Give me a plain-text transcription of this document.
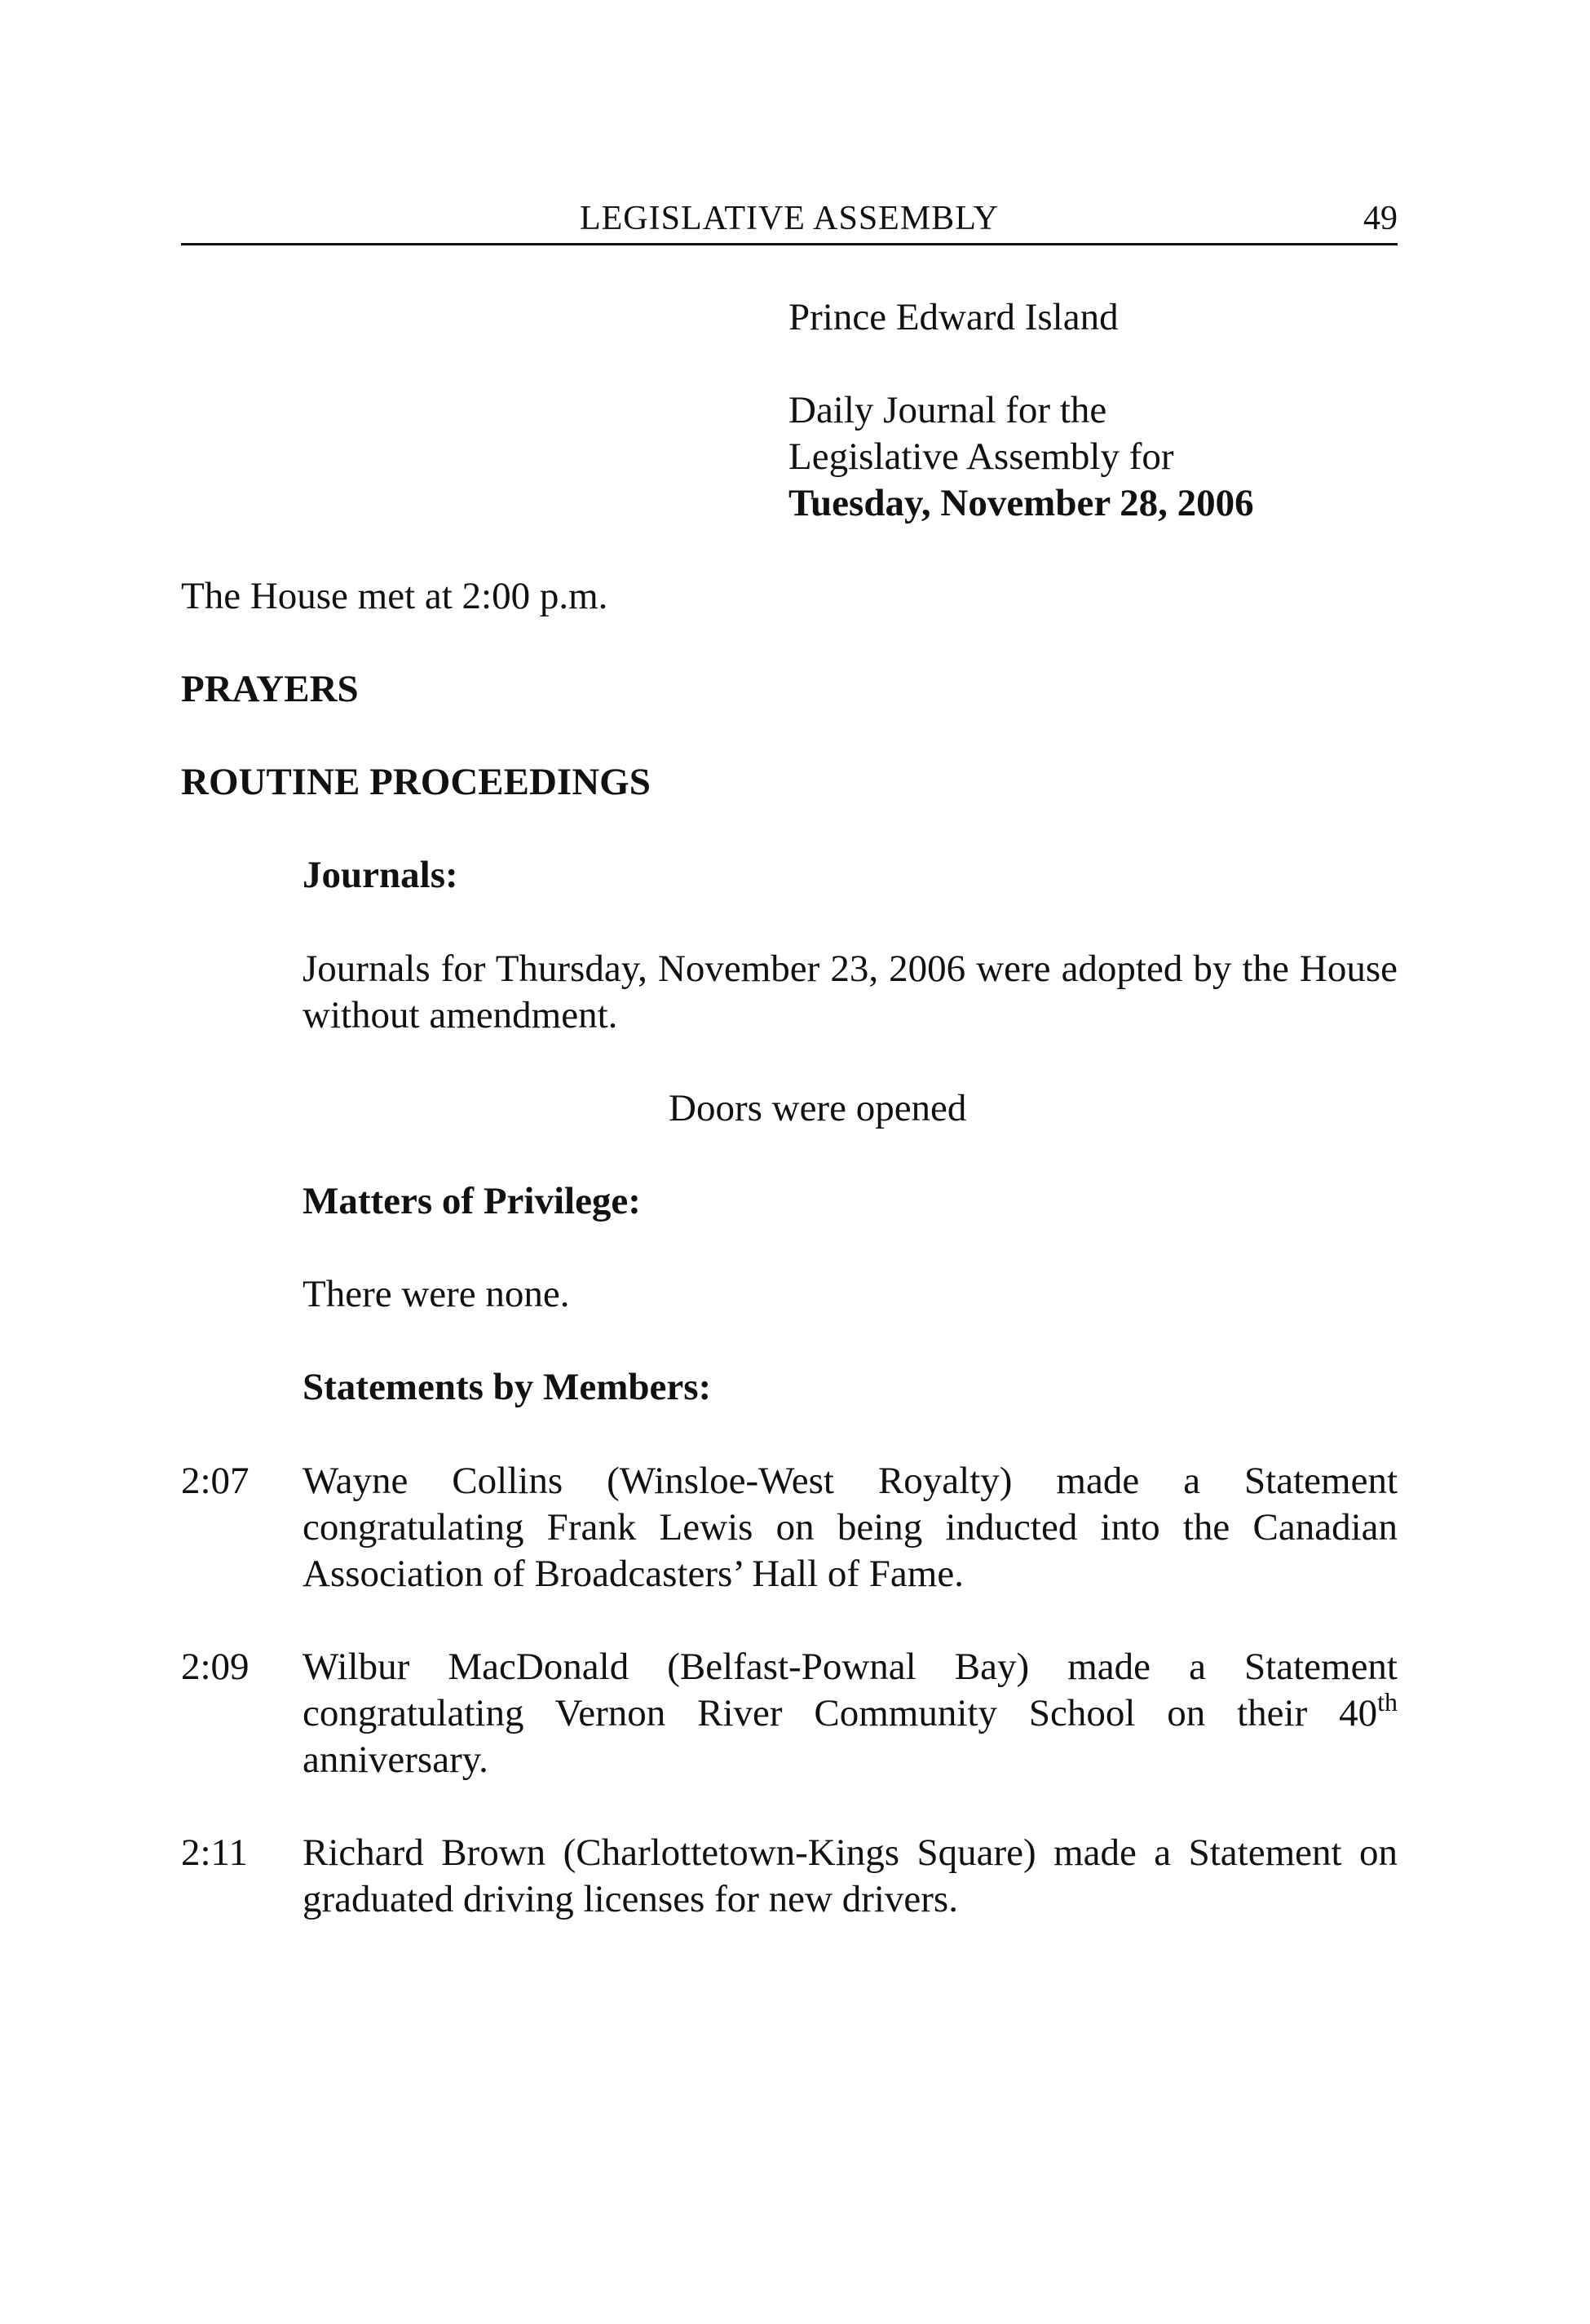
LEGISLATIVE ASSEMBLY	49
Prince Edward Island
Daily Journal for the
Legislative Assembly for
Tuesday, November 28, 2006
The House met at 2:00 p.m.
PRAYERS
ROUTINE PROCEEDINGS
Journals:
Journals for Thursday, November 23, 2006 were adopted by the House without amendment.
Doors were opened
Matters of Privilege:
There were none.
Statements by Members:
2:07 Wayne Collins (Winsloe-West Royalty) made a Statement congratulating Frank Lewis on being inducted into the Canadian Association of Broadcasters’ Hall of Fame.
2:09 Wilbur MacDonald (Belfast-Pownal Bay) made a Statement congratulating Vernon River Community School on their 40th anniversary.
2:11 Richard Brown (Charlottetown-Kings Square) made a Statement on graduated driving licenses for new drivers.
